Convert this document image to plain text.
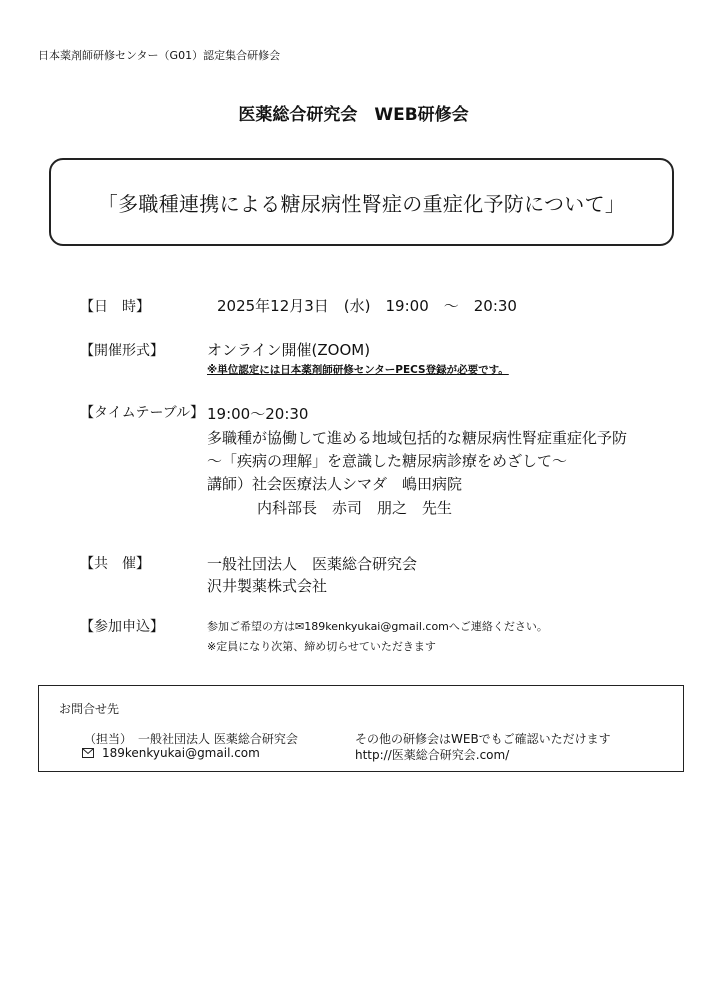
日本薬剤師研修センター（G01）認定集合研修会
医薬総合研究会　WEB研修会
「多職種連携による糖尿病性腎症の重症化予防について」
【日　時】	2025年12月3日　(水)　19:00　～　20:30
【開催形式】	オンライン開催(ZOOM)
※単位認定には日本薬剤師研修センターPECS登録が必要です。
【タイムテーブル】 19:00～20:30
多職種が協働して進める地域包括的な糖尿病性腎症重症化予防
～「疾病の理解」を意識した糖尿病診療をめざして～
講師）社会医療法人シマダ　嶋田病院
内科部長　赤司　朋之　先生
【共　催】	一般社団法人　医薬総合研究会
沢井製薬株式会社
【参加申込】	参加ご希望の方は✉189kenkyukai@gmail.comへご連絡ください。
※定員になり次第、締め切らせていただきます
お問合せ先
（担当）　一般社団法人 医薬総合研究会
189kenkyukai@gmail.com
その他の研修会はWEBでもご確認いただけます
http://医薬総合研究会.com/
